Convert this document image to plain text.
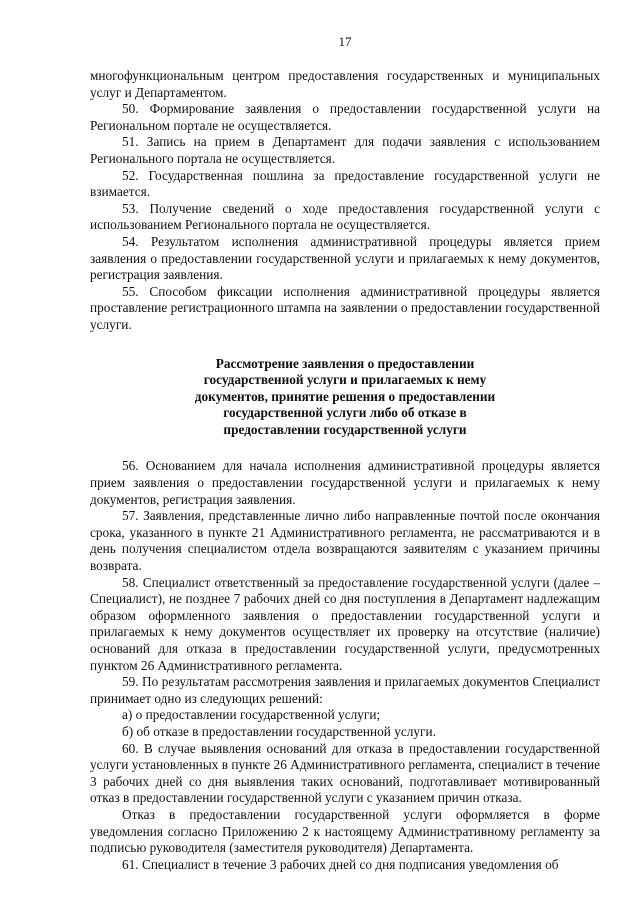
17

многофункциональным центром предоставления государственных и муниципальных услуг и Департаментом.

50. Формирование заявления о предоставлении государственной услуги на Региональном портале не осуществляется.

51. Запись на прием в Департамент для подачи заявления с использованием Регионального портала не осуществляется.

52. Государственная пошлина за предоставление государственной услуги не взимается.

53. Получение сведений о ходе предоставления государственной услуги с использованием Регионального портала не осуществляется.

54. Результатом исполнения административной процедуры является прием заявления о предоставлении государственной услуги и прилагаемых к нему документов, регистрация заявления.

55. Способом фиксации исполнения административной процедуры является проставление регистрационного штампа на заявлении о предоставлении государственной услуги.

Рассмотрение заявления о предоставлении
государственной услуги и прилагаемых к нему
документов, принятие решения о предоставлении
государственной услуги либо об отказе в
предоставлении государственной услуги

56. Основанием для начала исполнения административной процедуры является прием заявления о предоставлении государственной услуги и прилагаемых к нему документов, регистрация заявления.

57. Заявления, представленные лично либо направленные почтой после окончания срока, указанного в пункте 21 Административного регламента, не рассматриваются и в день получения специалистом отдела возвращаются заявителям с указанием причины возврата.

58. Специалист ответственный за предоставление государственной услуги (далее – Специалист), не позднее 7 рабочих дней со дня поступления в Департамент надлежащим образом оформленного заявления о предоставлении государственной услуги и прилагаемых к нему документов осуществляет их проверку на отсутствие (наличие) оснований для отказа в предоставлении государственной услуги, предусмотренных пунктом 26 Административного регламента.

59. По результатам рассмотрения заявления и прилагаемых документов Специалист принимает одно из следующих решений:

а) о предоставлении государственной услуги;

б) об отказе в предоставлении государственной услуги.

60. В случае выявления оснований для отказа в предоставлении государственной услуги установленных в пункте 26 Административного регламента, специалист в течение 3 рабочих дней со дня выявления таких оснований, подготавливает мотивированный отказ в предоставлении государственной услуги с указанием причин отказа.

Отказ в предоставлении государственной услуги оформляется в форме уведомления согласно Приложению 2 к настоящему Административному регламенту за подписью руководителя (заместителя руководителя) Департамента.

61. Специалист в течение 3 рабочих дней со дня подписания уведомления об
